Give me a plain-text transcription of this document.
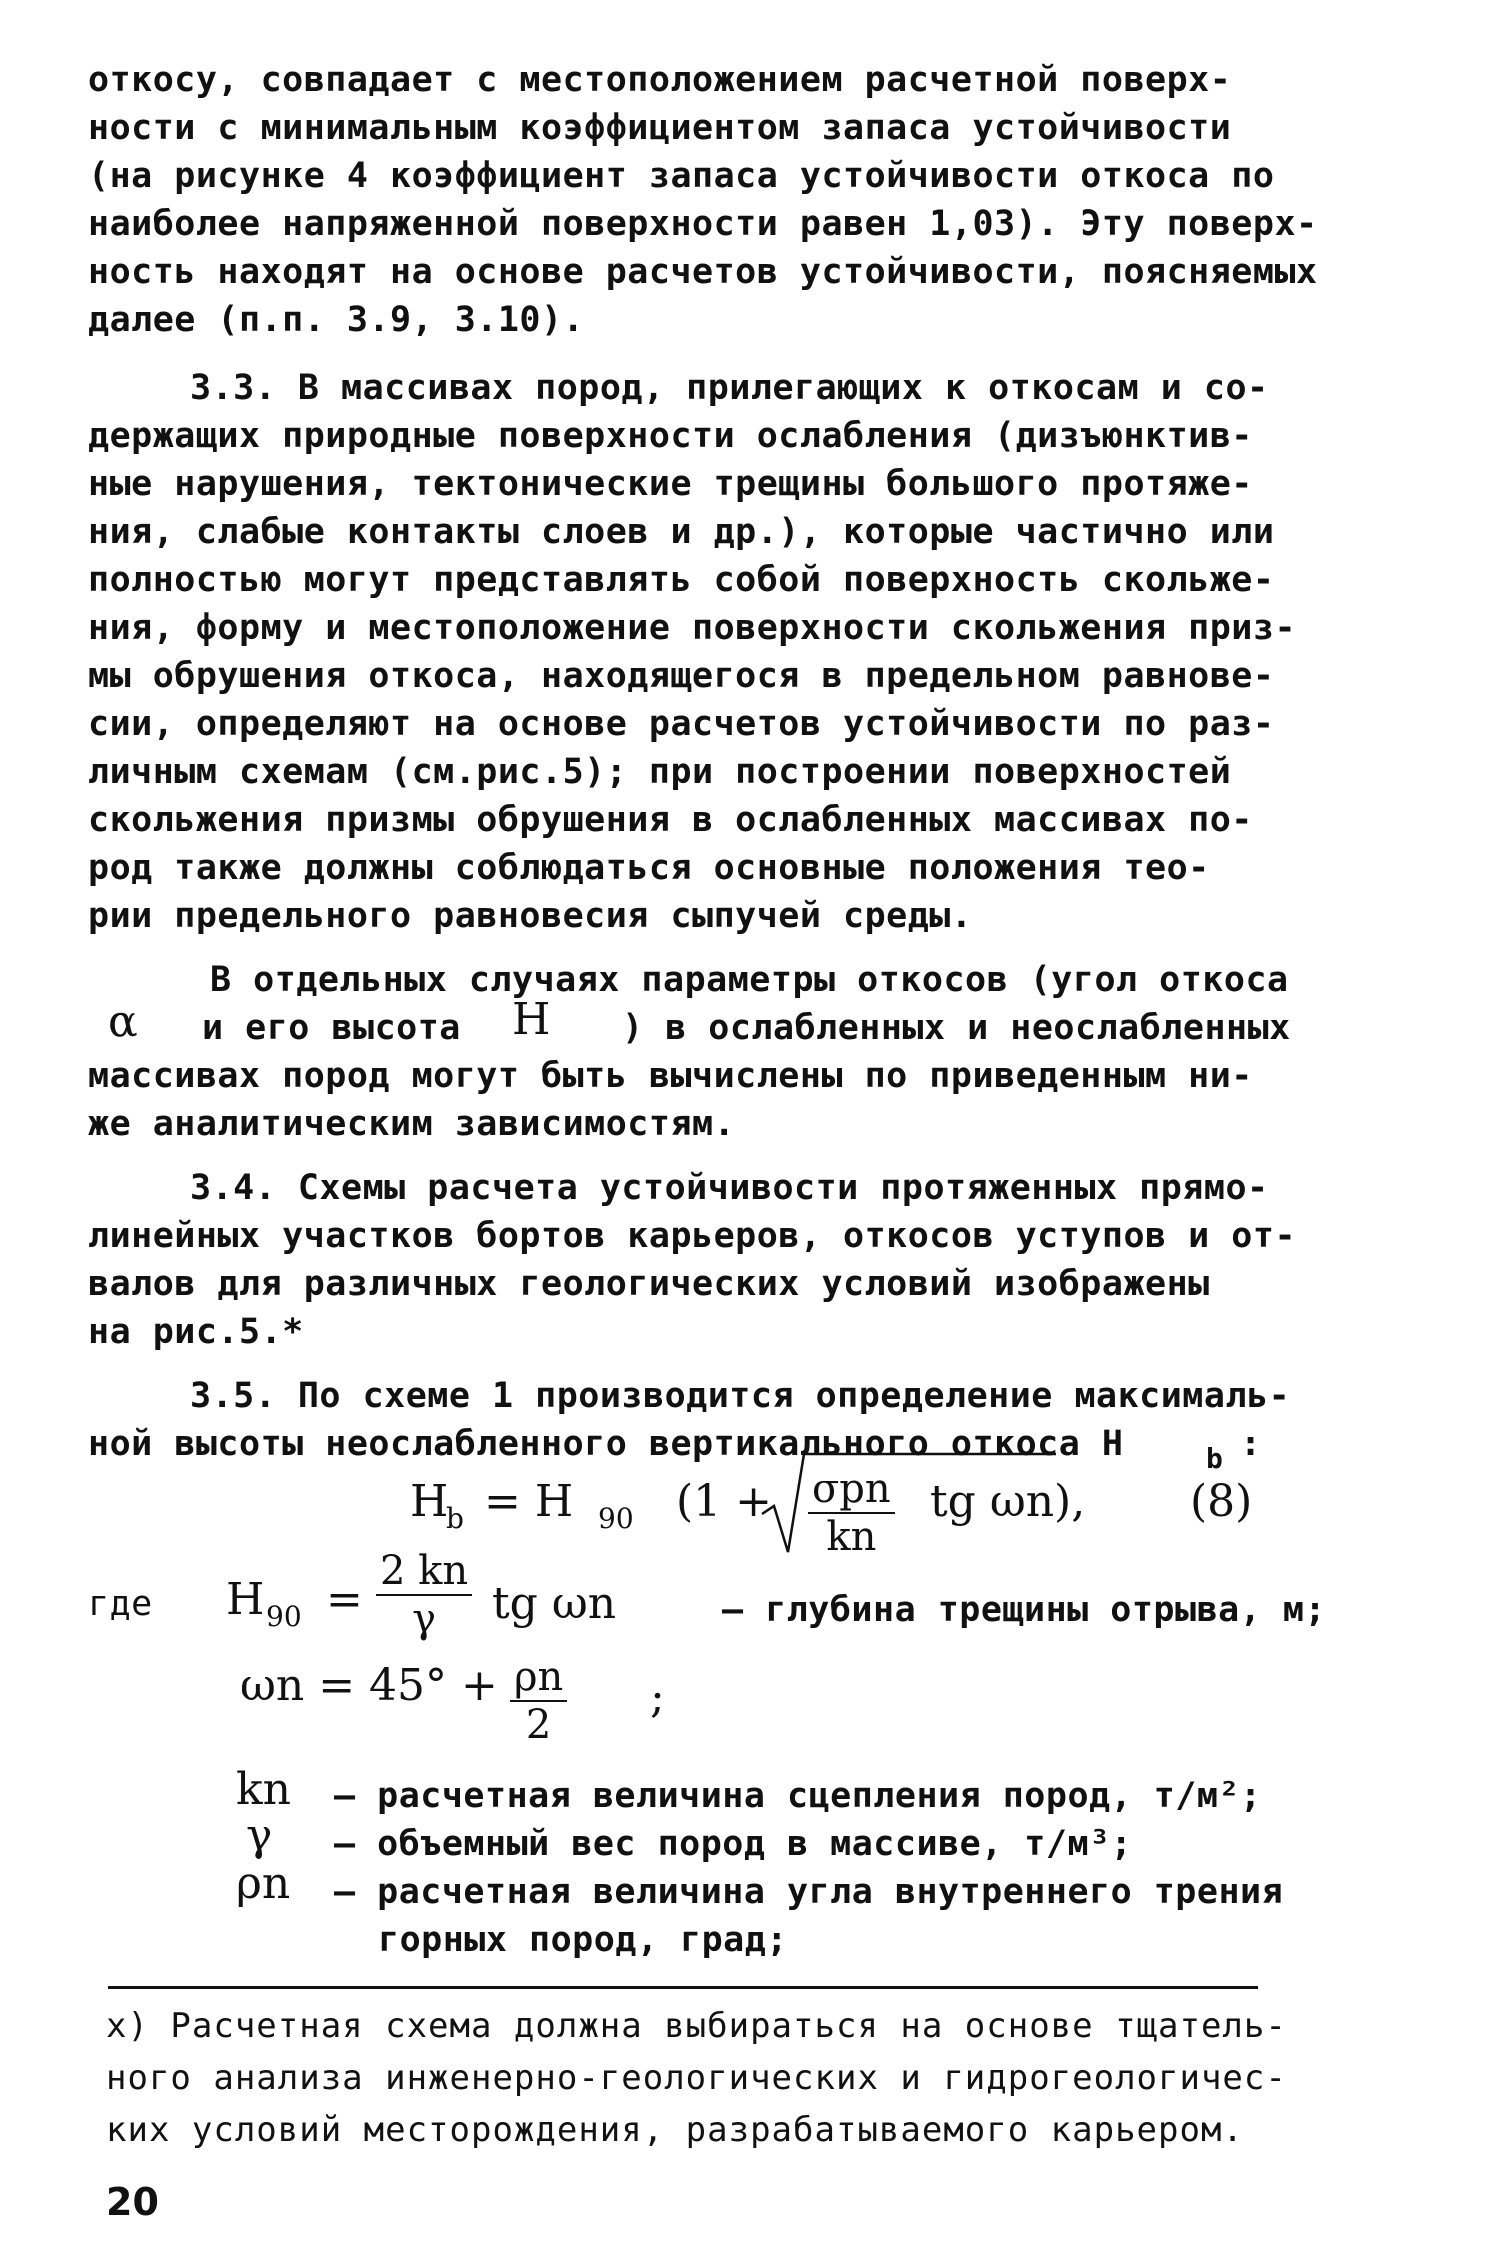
откосу, совпадает с местоположением расчетной поверх-
ности с минимальным коэффициентом запаса устойчивости
(на рисунке 4 коэффициент запаса устойчивости откоса по
наиболее напряженной поверхности равен 1,03). Эту поверх-
ность находят на основе расчетов устойчивости, поясняемых
далее (п.п. 3.9, 3.10).
3.3. В массивах пород, прилегающих к откосам и со-
держащих природные поверхности ослабления (дизъюнктив-
ные нарушения, тектонические трещины большого протяже-
ния, слабые контакты слоев и др.), которые частично или
полностью могут представлять собой поверхность скольже-
ния, форму и местоположение поверхности скольжения приз-
мы обрушения откоса, находящегося в предельном равнове-
сии, определяют на основе расчетов устойчивости по раз-
личным схемам (см.рис.5); при построении поверхностей
скольжения призмы обрушения в ослабленных массивах по-
род также должны соблюдаться основные положения тео-
рии предельного равновесия сыпучей среды.
В отдельных случаях параметры откосов (угол откоса
α и его высота H ) в ослабленных и неослабленных
массивах пород могут быть вычислены по приведенным ни-
же аналитическим зависимостям.
3.4. Схемы расчета устойчивости протяженных прямо-
линейных участков бортов карьеров, откосов уступов и от-
валов для различных геологических условий изображены
на рис.5.*
3.5. По схеме 1 производится определение максималь-
ной высоты неослабленного вертикального откоса H	b :
H
b = H 90 (1 + σpn
kn
tg ωn), (8)
где H $90 = \frac{2 kn}{\gamma}$ tg ωn	– глубина трещины отрыва, м;
$\omega n = 45^\circ + \frac{\rho n}{2}$ ;
kn – расчетная величина сцепления пород, т/м²;
γ – объемный вес пород в массиве, т/м³;
ρn – расчетная величина угла внутреннего трения
горных пород, град;
х) Расчетная схема должна выбираться на основе тщатель-
ного анализа инженерно-геологических и гидрогеологичес-
ких условий месторождения, разрабатываемого карьером.
20
